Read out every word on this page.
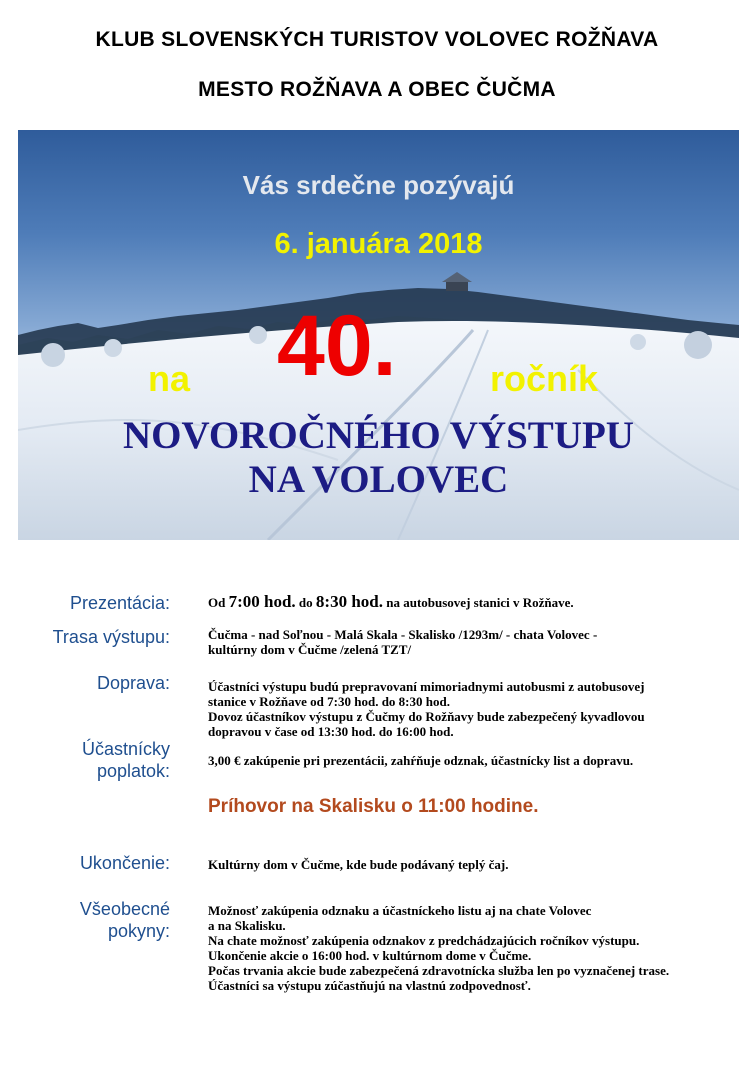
KLUB SLOVENSKÝCH TURISTOV VOLOVEC ROŽŇAVA
MESTO ROŽŇAVA A OBEC ČUČMA
Vás srdečne pozývajú
6. januára 2018
na 40.	ročník
NOVOROČNÉHO VÝSTUPU
NA VOLOVEC
Prezentácia:	Od 7:00 hod. do 8:30 hod. na autobusovej stanici v Rožňave.
Trasa výstupu:	Čučma - nad Soľnou - Malá Skala - Skalisko /1293m/ - chata Volovec -
kultúrny dom v Čučme /zelená TZT/
Doprava:	Účastníci výstupu budú prepravovaní mimoriadnymi autobusmi z autobusovej
stanice v Rožňave od 7:30 hod. do 8:30 hod.
Dovoz účastníkov výstupu z Čučmy do Rožňavy bude zabezpečený kyvadlovou
dopravou v čase od 13:30 hod. do 16:00 hod.
Účastnícky
poplatok:
3,00 € zakúpenie pri prezentácii, zahŕňuje odznak, účastnícky list a dopravu.
Príhovor na Skalisku o 11:00 hodine.
Ukončenie:	Kultúrny dom v Čučme, kde bude podávaný teplý čaj.
Všeobecné
pokyny:
Možnosť zakúpenia odznaku a účastníckeho listu aj na chate Volovec
a na Skalisku.
Na chate možnosť zakúpenia odznakov z predchádzajúcich ročníkov výstupu.
Ukončenie akcie o 16:00 hod. v kultúrnom dome v Čučme.
Počas trvania akcie bude zabezpečená zdravotnícka služba len po vyznačenej trase.
Účastníci sa výstupu zúčastňujú na vlastnú zodpovednosť.
